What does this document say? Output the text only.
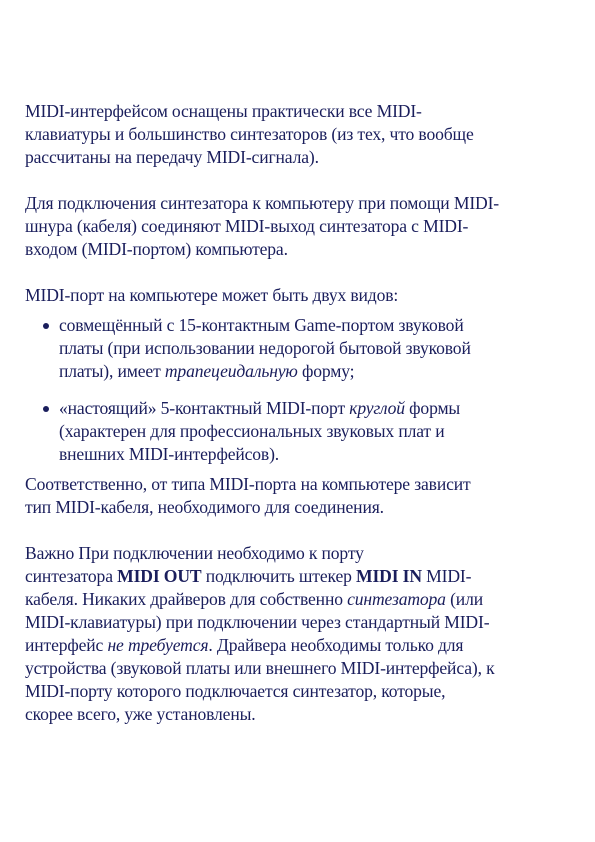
MIDI-интерфейсом оснащены практически все MIDI-
клавиатуры и большинство синтезаторов (из тех, что вообще
рассчитаны на передачу MIDI-сигнала).

Для подключения синтезатора к компьютеру при помощи MIDI-
шнура (кабеля) соединяют MIDI-выход синтезатора с MIDI-
входом (MIDI-портом) компьютера.

MIDI-порт на компьютере может быть двух видов:

совмещённый с 15-контактным Game-портом звуковой
платы (при использовании недорогой бытовой звуковой
платы), имеет трапецеидальную форму;
«настоящий» 5-контактный MIDI-порт круглой формы
(характерен для профессиональных звуковых плат и
внешних MIDI-интерфейсов).

Соответственно, от типа MIDI-порта на компьютере зависит
тип MIDI-кабеля, необходимого для соединения.

Важно При подключении необходимо к порту
синтезатора MIDI OUT подключить штекер MIDI IN MIDI-
кабеля. Никаких драйверов для собственно синтезатора (или
MIDI-клавиатуры) при подключении через стандартный MIDI-
интерфейс не требуется. Драйвера необходимы только для
устройства (звуковой платы или внешнего MIDI-интерфейса), к
MIDI-порту которого подключается синтезатор, которые,
скорее всего, уже установлены.
